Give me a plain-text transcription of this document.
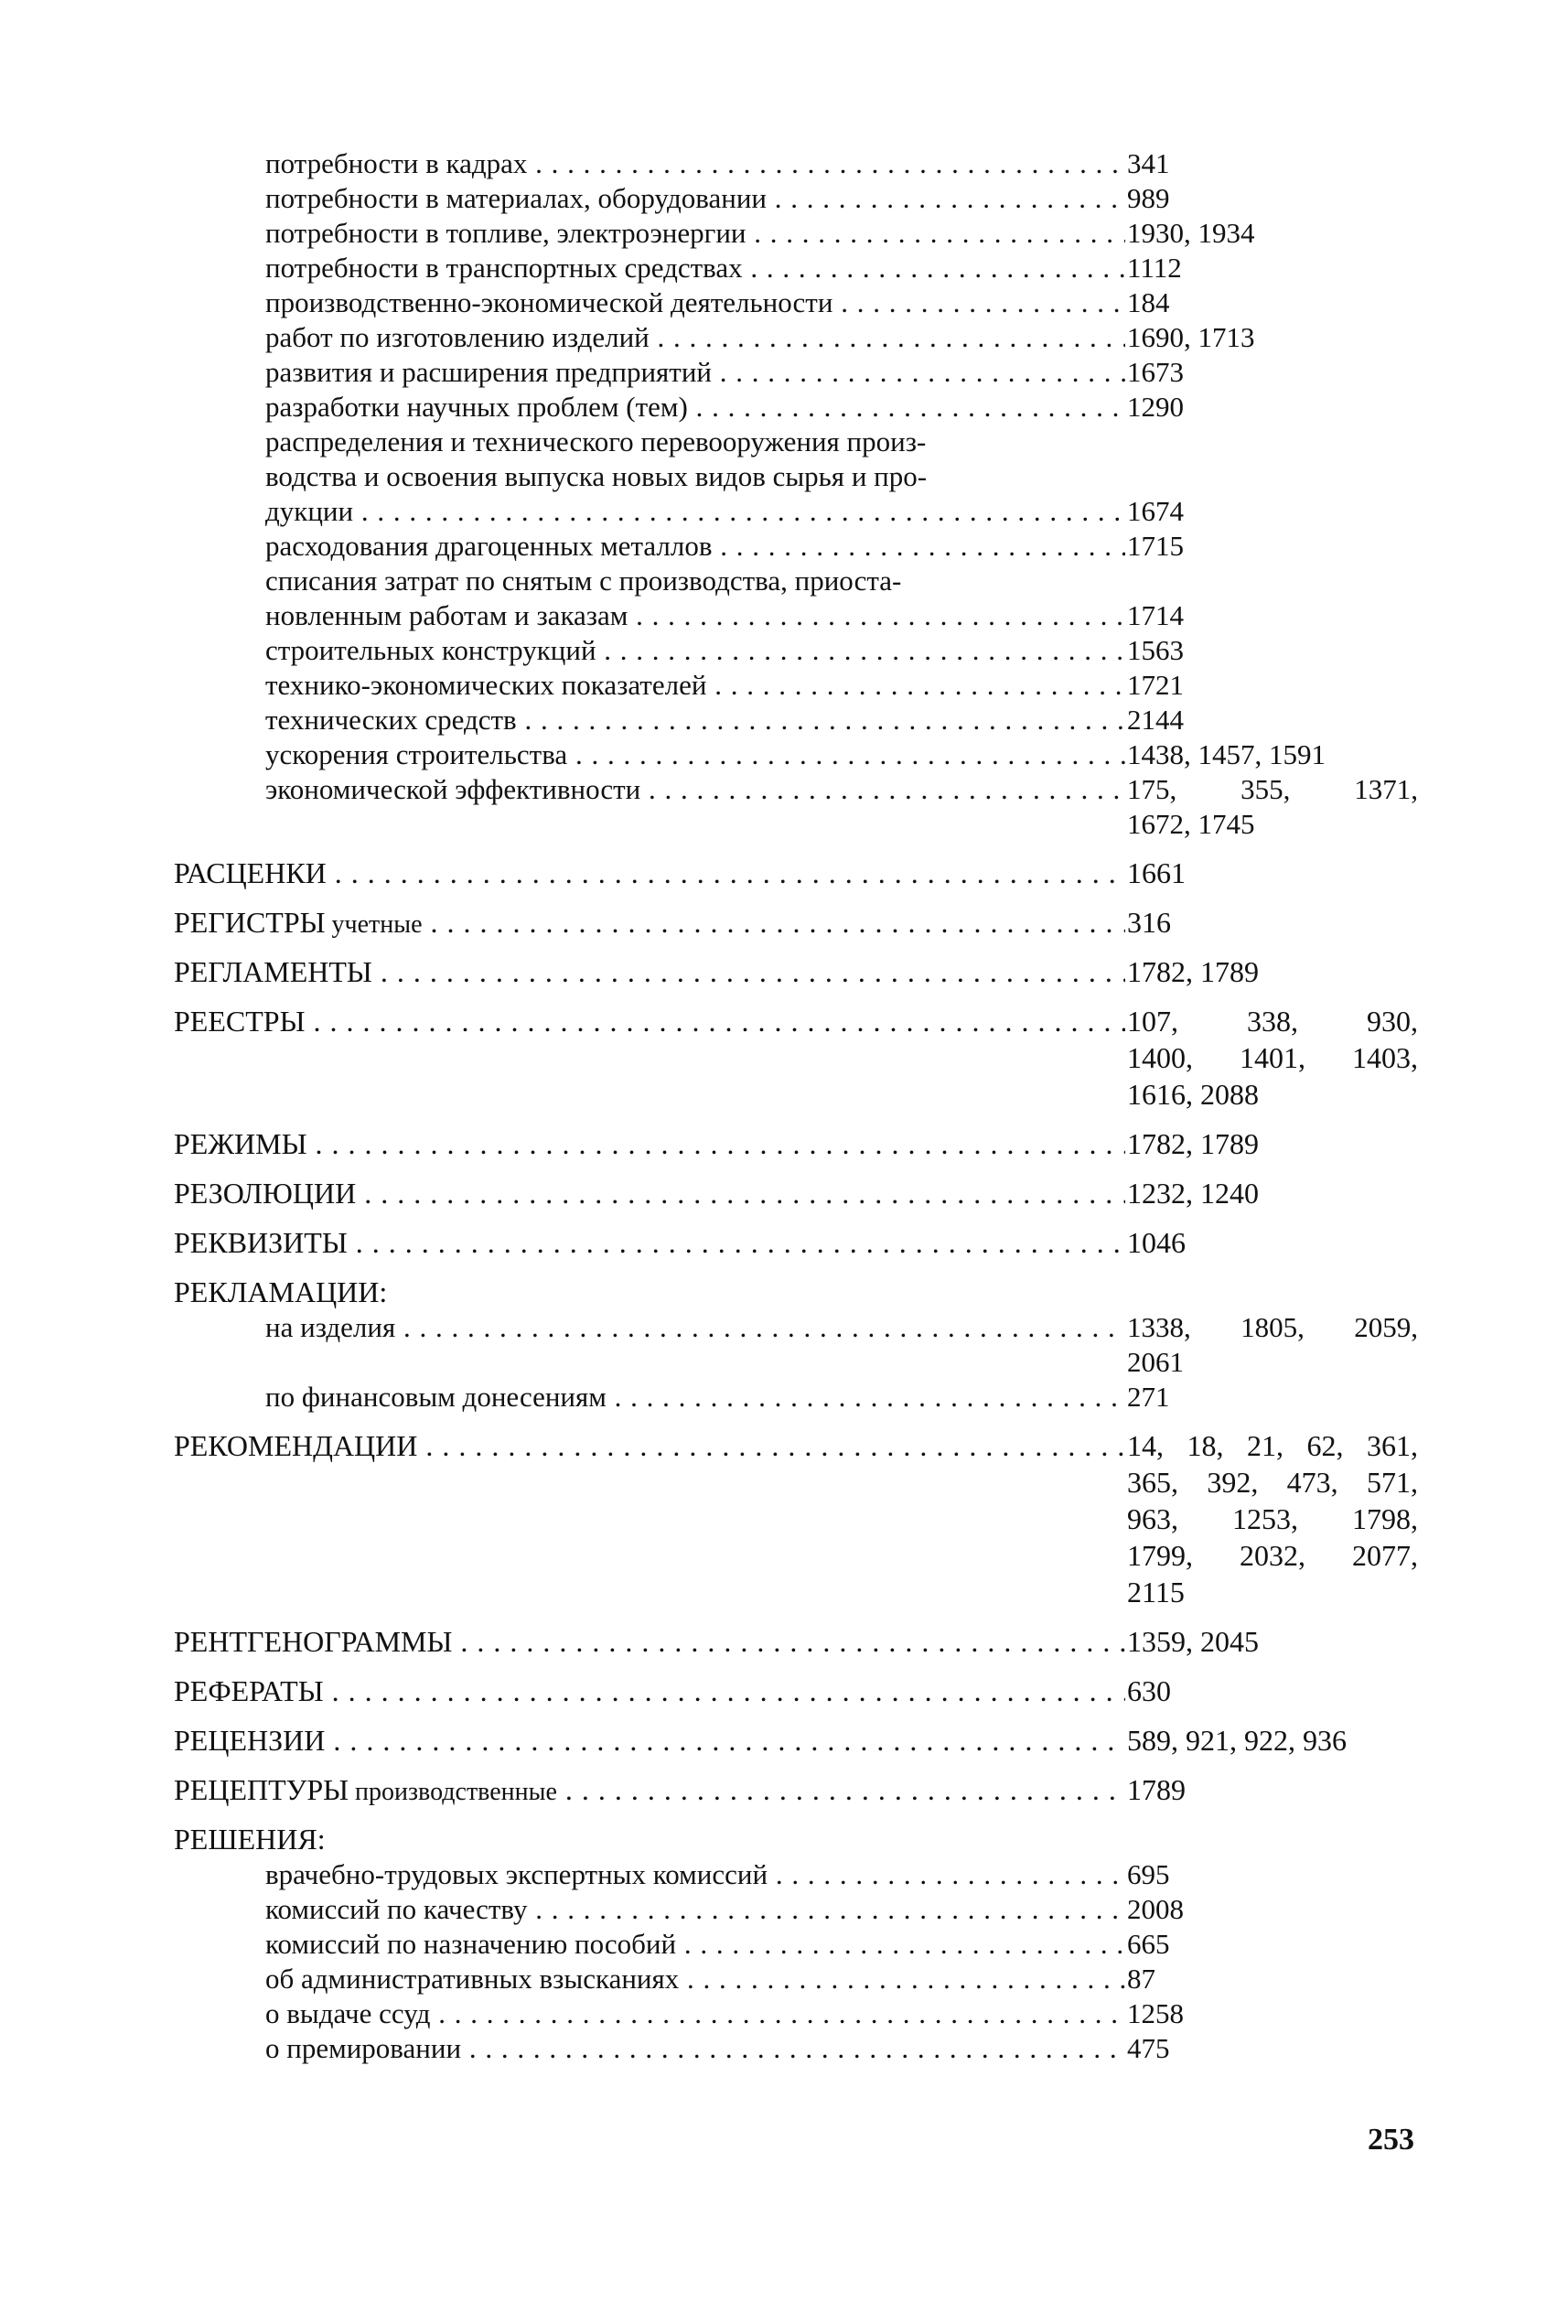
потребности в кадрах . . .	341
потребности в материалах, оборудовании . . .	989
потребности в топливе, электроэнергии . . .	1930, 1934
потребности в транспортных средствах . . .	1112
производственно-экономической деятельности . . .	184
работ по изготовлению изделий . . .	1690, 1713
развития и расширения предприятий . . .	1673
разработки научных проблем (тем) . . .	1290
распределения и технического перевооружения произ-
водства и освоения выпуска новых видов сырья и про-
дукции . . .	1674
расходования драгоценных металлов . . .	1715
списания затрат по снятым с производства, приоста-
новленным работам и заказам . . .	1714
строительных конструкций . . .	1563
технико-экономических показателей . . .	1721
технических средств . . .	2144
ускорения строительства . . .	1438, 1457, 1591
экономической эффективности . . .	175, 355, 1371,
1672, 1745
РАСЦЕНКИ . . .	1661
РЕГИСТРЫ учетные . . .	316
РЕГЛАМЕНТЫ . . .	1782, 1789
РЕЕСТРЫ . . .	107, 338, 930,
1400, 1401, 1403,
1616, 2088
РЕЖИМЫ . . .	1782, 1789
РЕЗОЛЮЦИИ . . .	1232, 1240
РЕКВИЗИТЫ . . .	1046
РЕКЛАМАЦИИ:
на изделия . . .	1338, 1805, 2059,
2061
по финансовым донесениям . . .	271
РЕКОМЕНДАЦИИ . . .	14, 18, 21, 62, 361,
365, 392, 473, 571,
963, 1253, 1798,
1799, 2032, 2077,
2115
РЕНТГЕНОГРАММЫ . . .	1359, 2045
РЕФЕРАТЫ . . .	630
РЕЦЕНЗИИ . . .	589, 921, 922, 936
РЕЦЕПТУРЫ производственные . . .	1789
РЕШЕНИЯ:
врачебно-трудовых экспертных комиссий . . .	695
комиссий по качеству . . .	2008
комиссий по назначению пособий . . .	665
об административных взысканиях . . .	87
о выдаче ссуд . . .	1258
о премировании . . .	475
253
